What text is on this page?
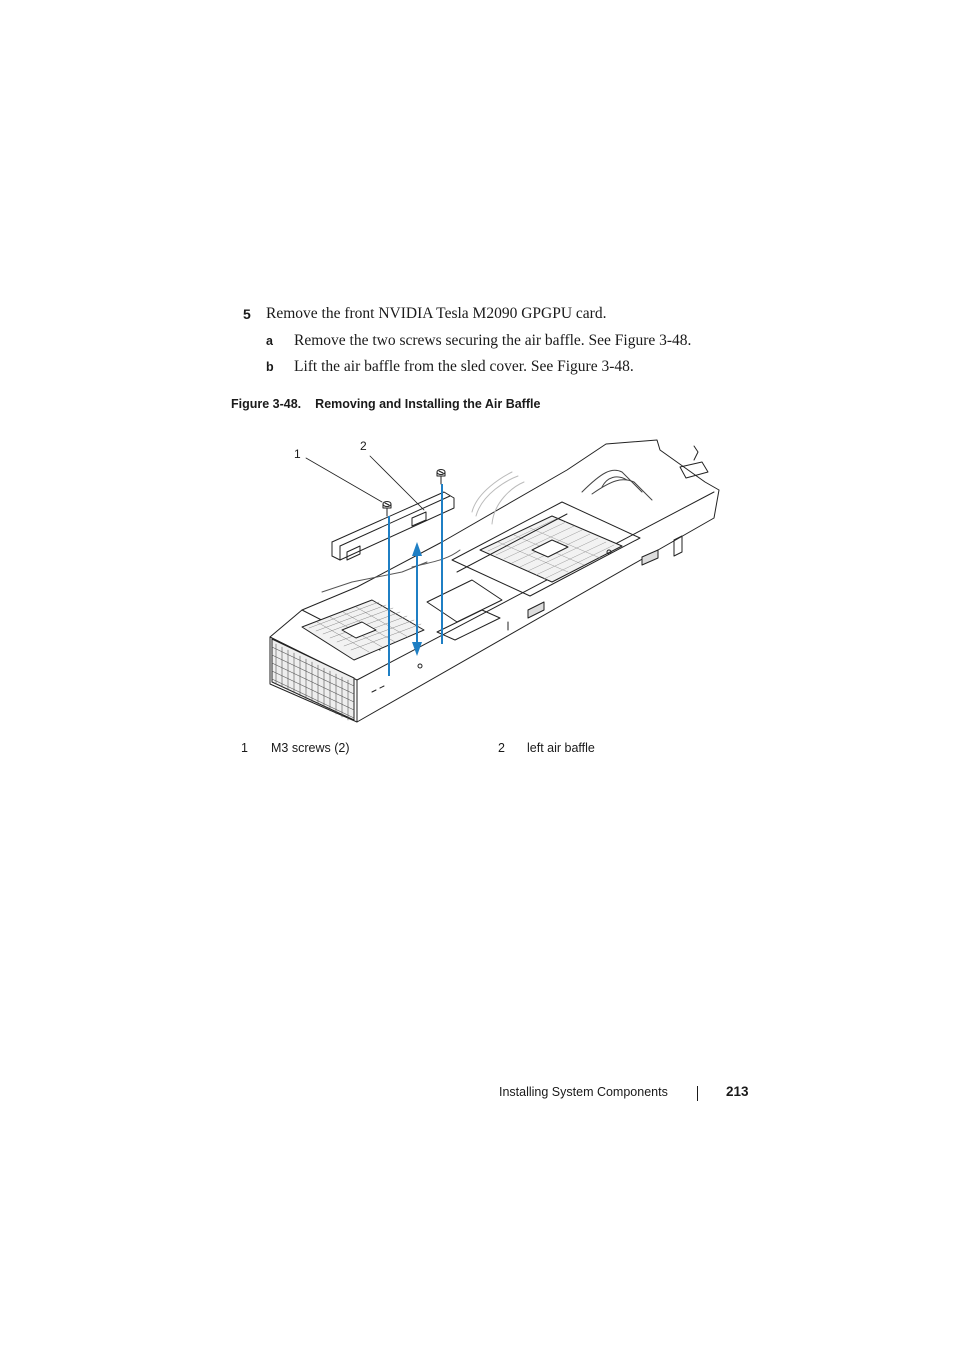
5 Remove the front NVIDIA Tesla M2090 GPGPU card.
a Remove the two screws securing the air baffle. See Figure 3-48.
b Lift the air baffle from the sled cover. See Figure 3-48.
Figure 3-48. Removing and Installing the Air Baffle
1
2
1 M3 screws (2)	2 left air baffle
Installing System Components	213
